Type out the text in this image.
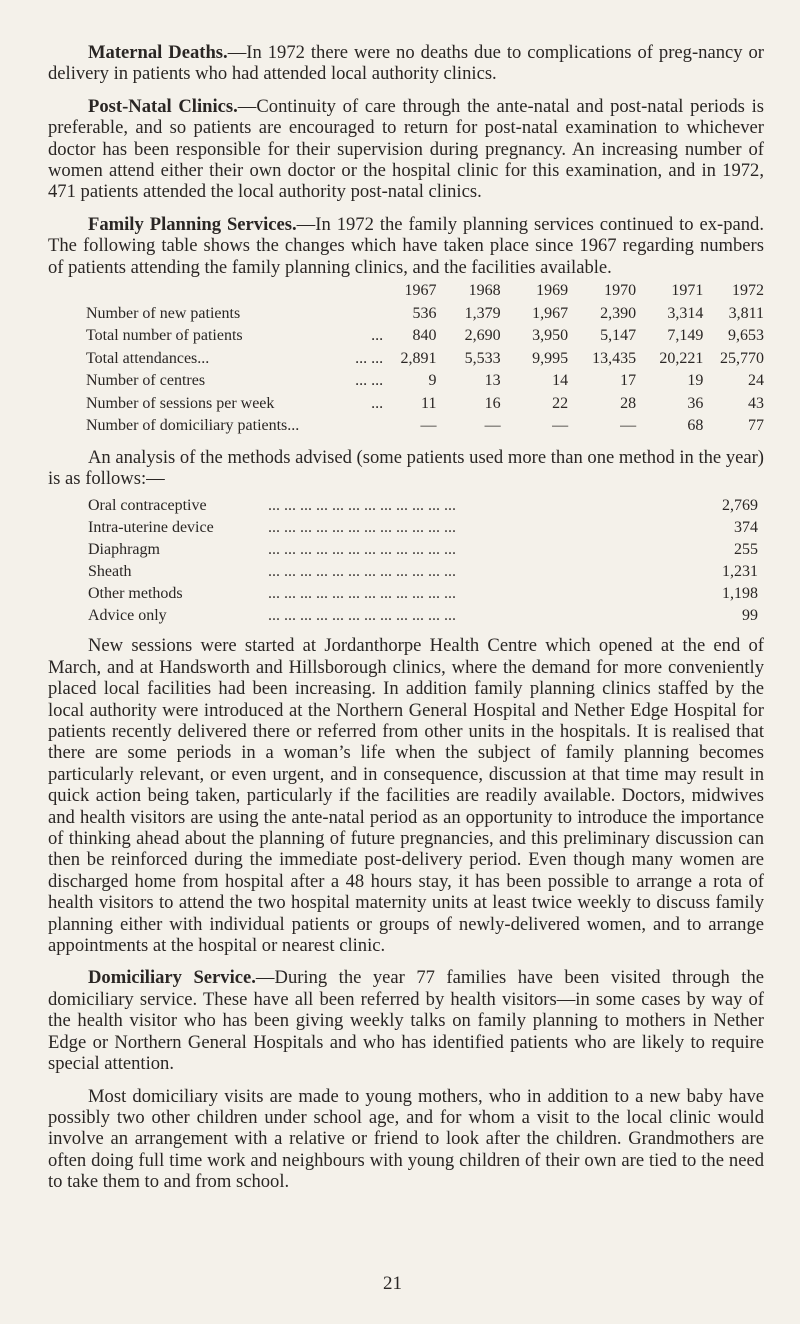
Maternal Deaths.—In 1972 there were no deaths due to complications of preg-nancy or delivery in patients who had attended local authority clinics.

Post-Natal Clinics.—Continuity of care through the ante-natal and post-natal periods is preferable, and so patients are encouraged to return for post-natal examination to whichever doctor has been responsible for their supervision during pregnancy. An increasing number of women attend either their own doctor or the hospital clinic for this examination, and in 1972, 471 patients attended the local authority post-natal clinics.

Family Planning Services.—In 1972 the family planning services continued to ex-pand. The following table shows the changes which have taken place since 1967 regarding numbers of patients attending the family planning clinics, and the facilities available.

		1967	1968	1969	1970	1971	1972
Number of new patients		536	1,379	1,967	2,390	3,314	3,811
Total number of patients	...	840	2,690	3,950	5,147	7,149	9,653
Total attendances...	... ...	2,891	5,533	9,995	13,435	20,221	25,770
Number of centres	... ...	9	13	14	17	19	24
Number of sessions per week	...	11	16	22	28	36	43
Number of domiciliary patients...		—	—	—	—	68	77

An analysis of the methods advised (some patients used more than one method in the year) is as follows:—

Oral contraceptive	... ... ... ... ... ... ... ... ... ... ... ...	2,769
Intra-uterine device	... ... ... ... ... ... ... ... ... ... ... ...	374
Diaphragm	... ... ... ... ... ... ... ... ... ... ... ...	255
Sheath	... ... ... ... ... ... ... ... ... ... ... ...	1,231
Other methods	... ... ... ... ... ... ... ... ... ... ... ...	1,198
Advice only	... ... ... ... ... ... ... ... ... ... ... ...	99

New sessions were started at Jordanthorpe Health Centre which opened at the end of March, and at Handsworth and Hillsborough clinics, where the demand for more conveniently placed local facilities had been increasing. In addition family planning clinics staffed by the local authority were introduced at the Northern General Hospital and Nether Edge Hospital for patients recently delivered there or referred from other units in the hospitals. It is realised that there are some periods in a woman’s life when the subject of family planning becomes particularly relevant, or even urgent, and in consequence, discussion at that time may result in quick action being taken, particularly if the facilities are readily available. Doctors, midwives and health visitors are using the ante-natal period as an opportunity to introduce the importance of thinking ahead about the planning of future pregnancies, and this preliminary discussion can then be reinforced during the immediate post-delivery period. Even though many women are discharged home from hospital after a 48 hours stay, it has been possible to arrange a rota of health visitors to attend the two hospital maternity units at least twice weekly to discuss family planning either with individual patients or groups of newly-delivered women, and to arrange appointments at the hospital or nearest clinic.

Domiciliary Service.—During the year 77 families have been visited through the domiciliary service. These have all been referred by health visitors—in some cases by way of the health visitor who has been giving weekly talks on family planning to mothers in Nether Edge or Northern General Hospitals and who has identified patients who are likely to require special attention.

Most domiciliary visits are made to young mothers, who in addition to a new baby have possibly two other children under school age, and for whom a visit to the local clinic would involve an arrangement with a relative or friend to look after the children. Grandmothers are often doing full time work and neighbours with young children of their own are tied to the need to take them to and from school.

21
